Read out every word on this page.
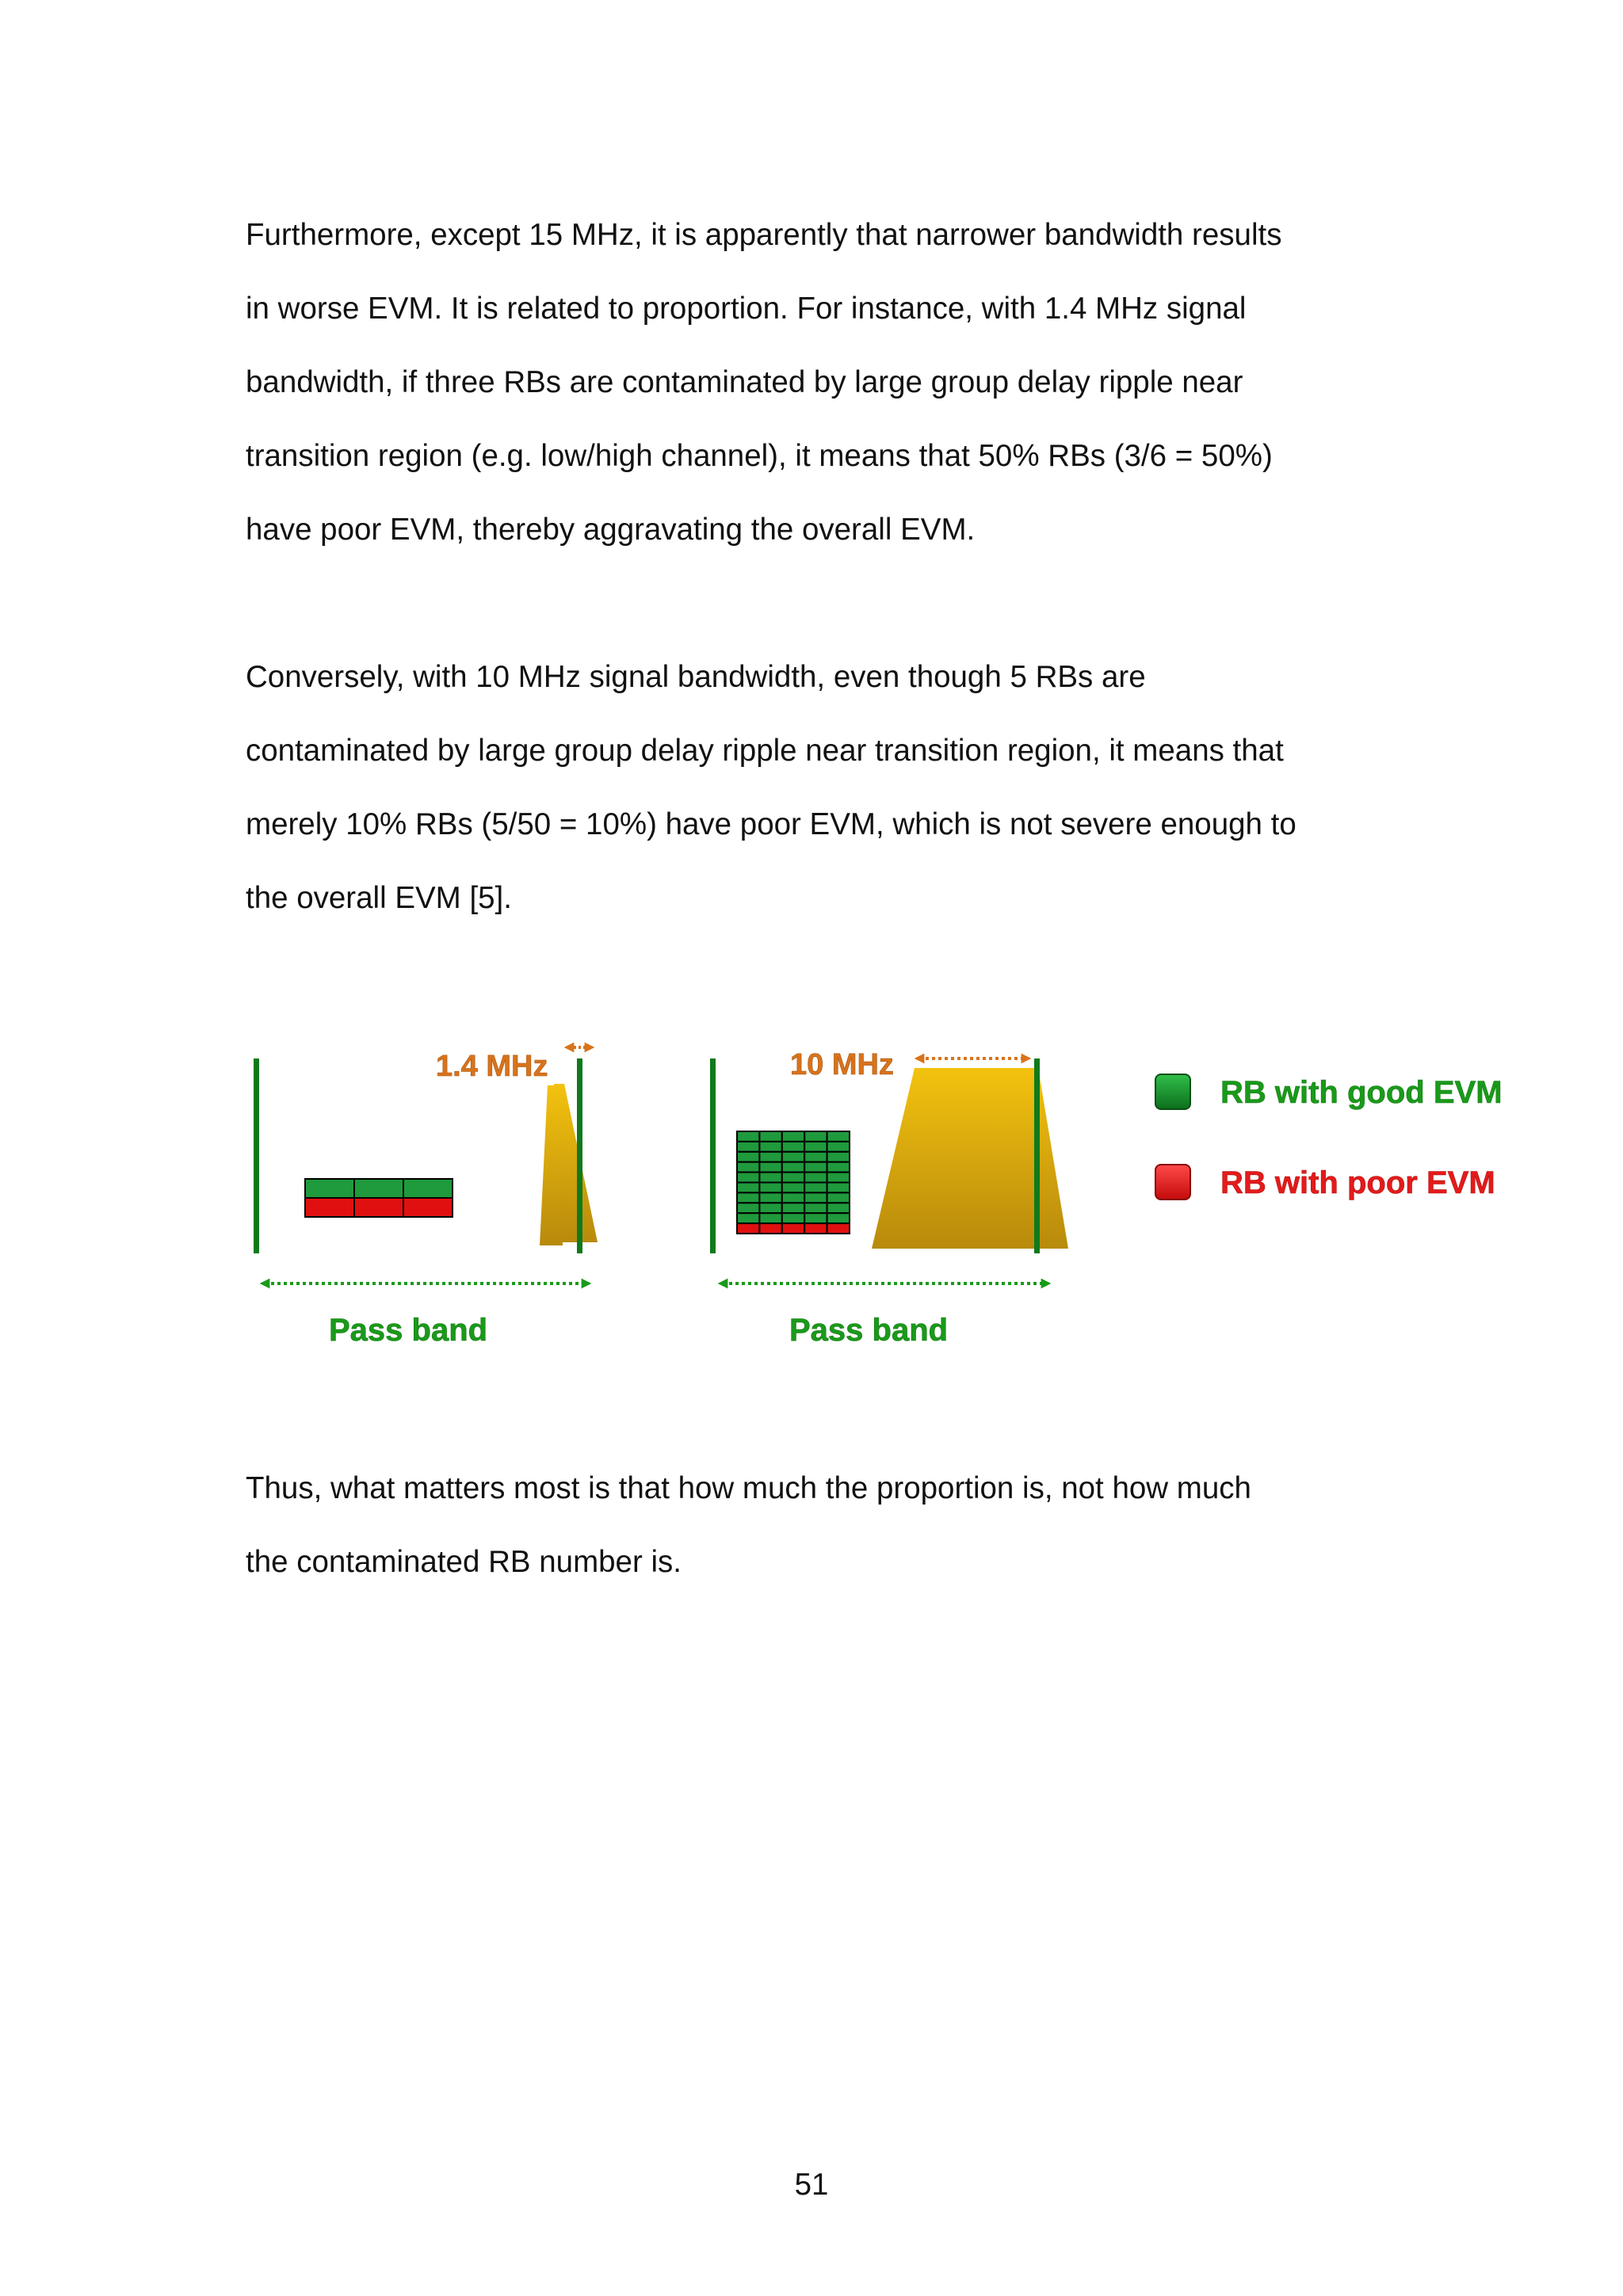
Furthermore, except 15 MHz, it is apparently that narrower bandwidth results
in worse EVM. It is related to proportion. For instance, with 1.4 MHz signal
bandwidth, if three RBs are contaminated by large group delay ripple near
transition region (e.g. low/high channel), it means that 50% RBs (3/6 = 50%)
have poor EVM, thereby aggravating the overall EVM.
Conversely, with 10 MHz signal bandwidth, even though 5 RBs are
contaminated by large group delay ripple near transition region, it means that
merely 10% RBs (5/50 = 10%) have poor EVM, which is not severe enough to
the overall EVM [5].
1.4 MHz
Pass band
10 MHz
Pass band
RB with good EVM
RB with poor EVM
Thus, what matters most is that how much the proportion is, not how much
the contaminated RB number is.

51
